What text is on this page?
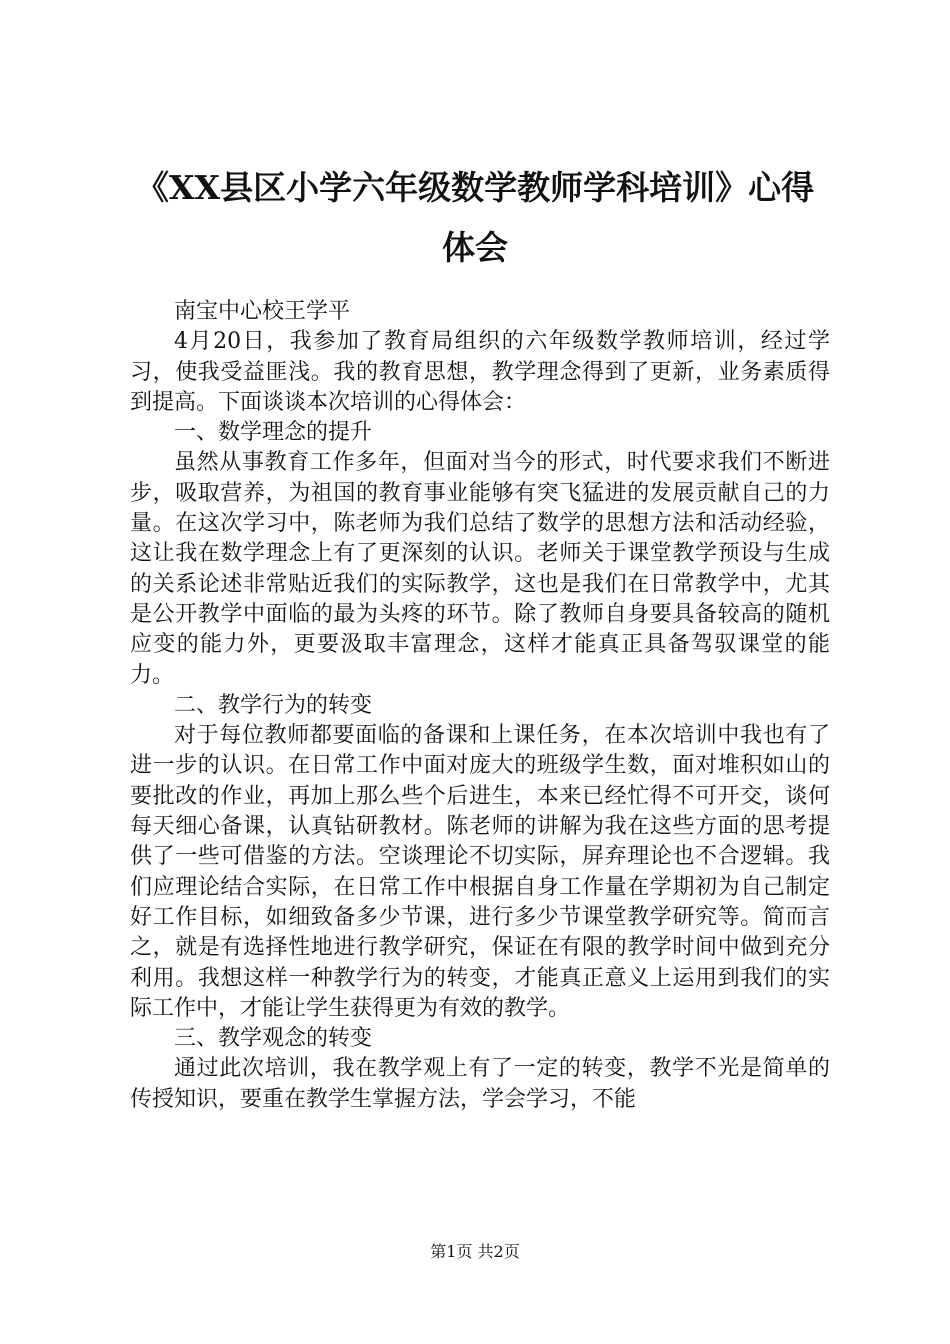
《XX县区小学六年级数学教师学科培训》心得体会

南宝中心校王学平

4月20日，我参加了教育局组织的六年级数学教师培训，经过学习，使我受益匪浅。我的教育思想，教学理念得到了更新，业务素质得到提高。下面谈谈本次培训的心得体会：

一、数学理念的提升

虽然从事教育工作多年，但面对当今的形式，时代要求我们不断进步，吸取营养，为祖国的教育事业能够有突飞猛进的发展贡献自己的力量。在这次学习中，陈老师为我们总结了数学的思想方法和活动经验，这让我在数学理念上有了更深刻的认识。老师关于课堂教学预设与生成的关系论述非常贴近我们的实际教学，这也是我们在日常教学中，尤其是公开教学中面临的最为头疼的环节。除了教师自身要具备较高的随机应变的能力外，更要汲取丰富理念，这样才能真正具备驾驭课堂的能力。

二、教学行为的转变

对于每位教师都要面临的备课和上课任务，在本次培训中我也有了进一步的认识。在日常工作中面对庞大的班级学生数，面对堆积如山的要批改的作业，再加上那么些个后进生，本来已经忙得不可开交，谈何每天细心备课，认真钻研教材。陈老师的讲解为我在这些方面的思考提供了一些可借鉴的方法。空谈理论不切实际，屏弃理论也不合逻辑。我们应理论结合实际，在日常工作中根据自身工作量在学期初为自己制定好工作目标，如细致备多少节课，进行多少节课堂教学研究等。简而言之，就是有选择性地进行教学研究，保证在有限的教学时间中做到充分利用。我想这样一种教学行为的转变，才能真正意义上运用到我们的实际工作中，才能让学生获得更为有效的教学。

三、教学观念的转变

通过此次培训，我在教学观上有了一定的转变，教学不光是简单的传授知识，要重在教学生掌握方法，学会学习，不能

第1页 共2页
